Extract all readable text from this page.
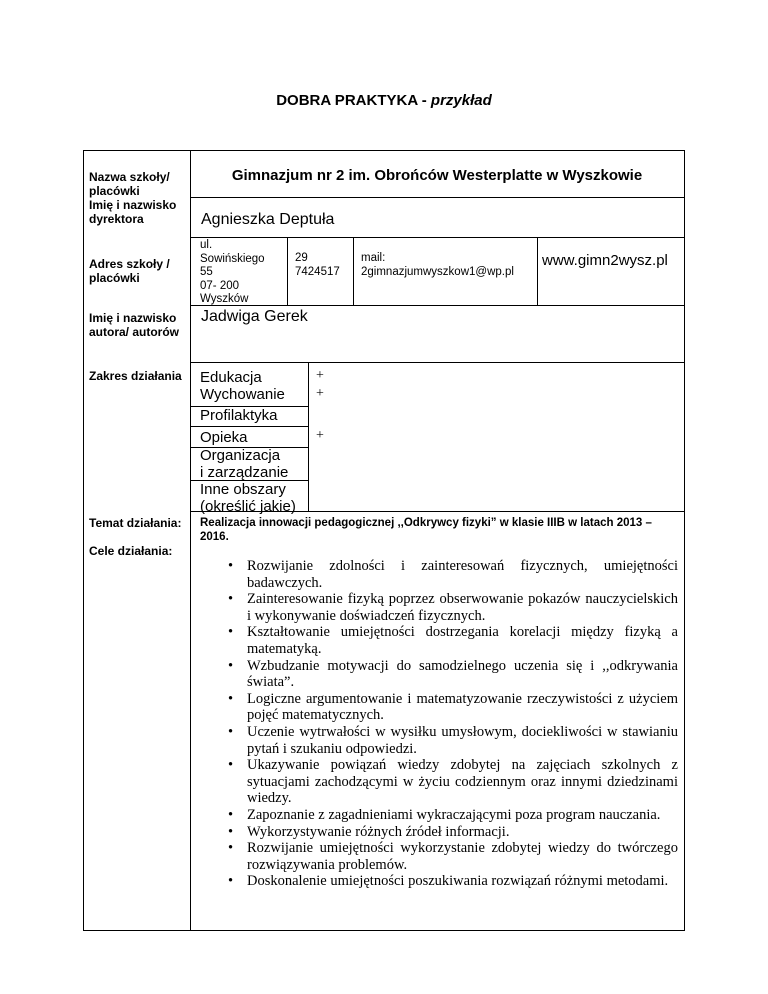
DOBRA PRAKTYKA - przykład
Nazwa szkoły/ placówki
Imię i nazwisko dyrektora
Adres szkoły / placówki
Imię i nazwisko autora/ autorów
Zakres działania
Temat działania:
Cele działania:
Gimnazjum nr 2 im. Obrońców Westerplatte w Wyszkowie
Agnieszka Deptuła
ul.
Sowińskiego
55
07- 200
Wyszków
29
7424517
mail:
2gimnazjumwyszkow1@wp.pl
www.gimn2wysz.pl
Jadwiga Gerek
Edukacja	+
Wychowanie +
Profilaktyka
Opieka	+
Organizacja
i zarządzanie
Inne obszary
(określić jakie)
Realizacja innowacji pedagogicznej ,,Odkrywcy fizyki” w klasie IIIB w latach 2013 – 2016.
• Rozwijanie zdolności i zainteresowań fizycznych, umiejętności badawczych.
• Zainteresowanie fizyką poprzez obserwowanie pokazów nauczycielskich i wykonywanie doświadczeń fizycznych.
• Kształtowanie umiejętności dostrzegania korelacji między fizyką a matematyką.
• Wzbudzanie motywacji do samodzielnego uczenia się i ,,odkrywania świata”.
• Logiczne argumentowanie i matematyzowanie rzeczywistości z użyciem pojęć matematycznych.
• Uczenie wytrwałości w wysiłku umysłowym, dociekliwości w stawianiu pytań i szukaniu odpowiedzi.
• Ukazywanie powiązań wiedzy zdobytej na zajęciach szkolnych z sytuacjami zachodzącymi w życiu codziennym oraz innymi dziedzinami wiedzy.
• Zapoznanie z zagadnieniami wykraczającymi poza program nauczania.
• Wykorzystywanie różnych źródeł informacji.
• Rozwijanie umiejętności wykorzystanie zdobytej wiedzy do twórczego rozwiązywania problemów.
• Doskonalenie umiejętności poszukiwania rozwiązań różnymi metodami.
